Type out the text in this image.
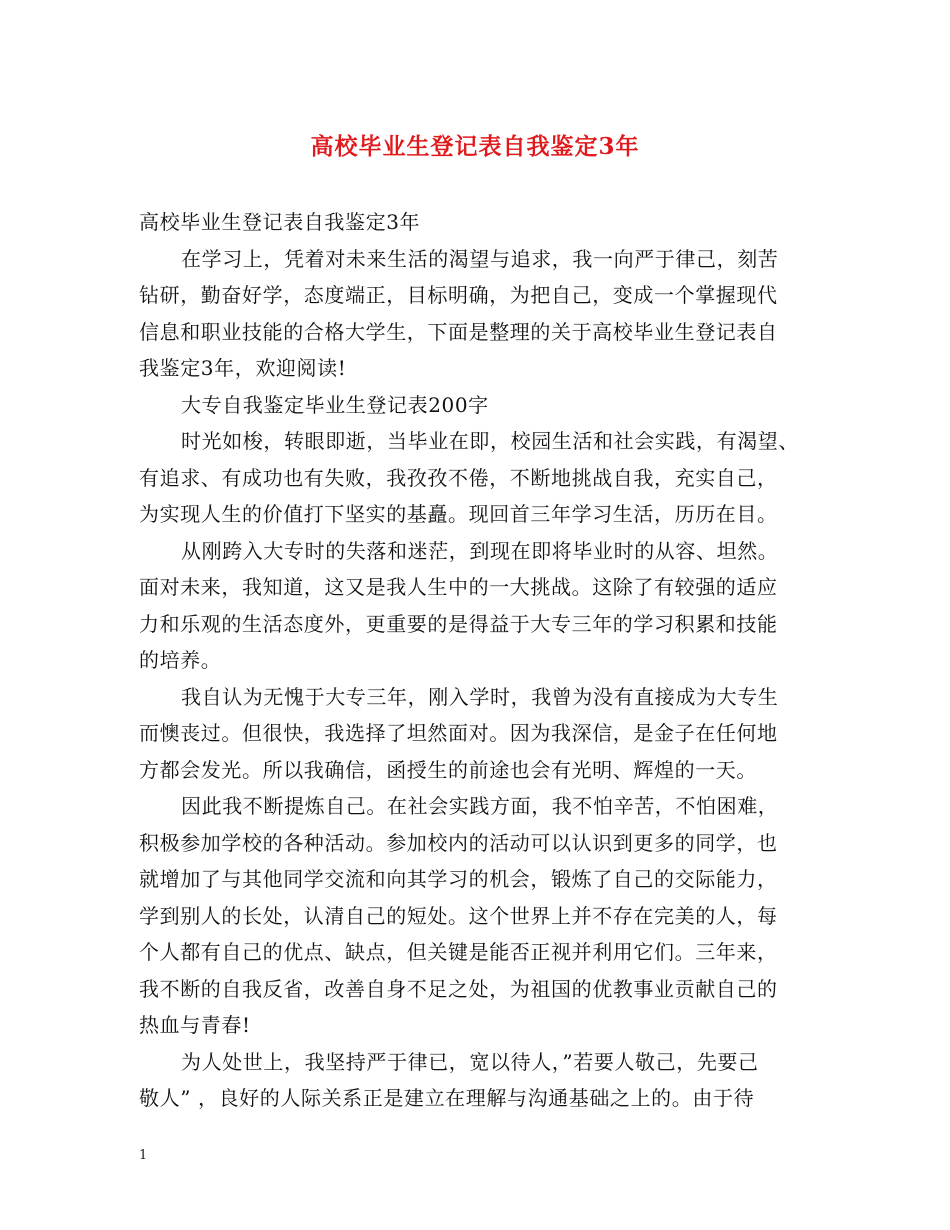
高校毕业生登记表自我鉴定3年
高校毕业生登记表自我鉴定3年
在学习上，凭着对未来生活的渴望与追求，我一向严于律己，刻苦
钻研，勤奋好学，态度端正，目标明确，为把自己，变成一个掌握现代
信息和职业技能的合格大学生，下面是整理的关于高校毕业生登记表自
我鉴定3年，欢迎阅读!
大专自我鉴定毕业生登记表200字
时光如梭，转眼即逝，当毕业在即，校园生活和社会实践，有渴望、
有追求、有成功也有失败，我孜孜不倦，不断地挑战自我，充实自己，
为实现人生的价值打下坚实的基矗。现回首三年学习生活，历历在目。
从刚跨入大专时的失落和迷茫，到现在即将毕业时的从容、坦然。
面对未来，我知道，这又是我人生中的一大挑战。这除了有较强的适应
力和乐观的生活态度外，更重要的是得益于大专三年的学习积累和技能
的培养。
我自认为无愧于大专三年，刚入学时，我曾为没有直接成为大专生
而懊丧过。但很快，我选择了坦然面对。因为我深信，是金子在任何地
方都会发光。所以我确信，函授生的前途也会有光明、辉煌的一天。
因此我不断提炼自己。在社会实践方面，我不怕辛苦，不怕困难，
积极参加学校的各种活动。参加校内的活动可以认识到更多的同学，也
就增加了与其他同学交流和向其学习的机会，锻炼了自己的交际能力，
学到别人的长处，认清自己的短处。这个世界上并不存在完美的人，每
个人都有自己的优点、缺点，但关键是能否正视并利用它们。三年来，
我不断的自我反省，改善自身不足之处，为祖国的优教事业贡献自己的
热血与青春!
为人处世上，我坚持严于律已，宽以待人，”若要人敬己，先要己
敬人” ，良好的人际关系正是建立在理解与沟通基础之上的。由于待
1
